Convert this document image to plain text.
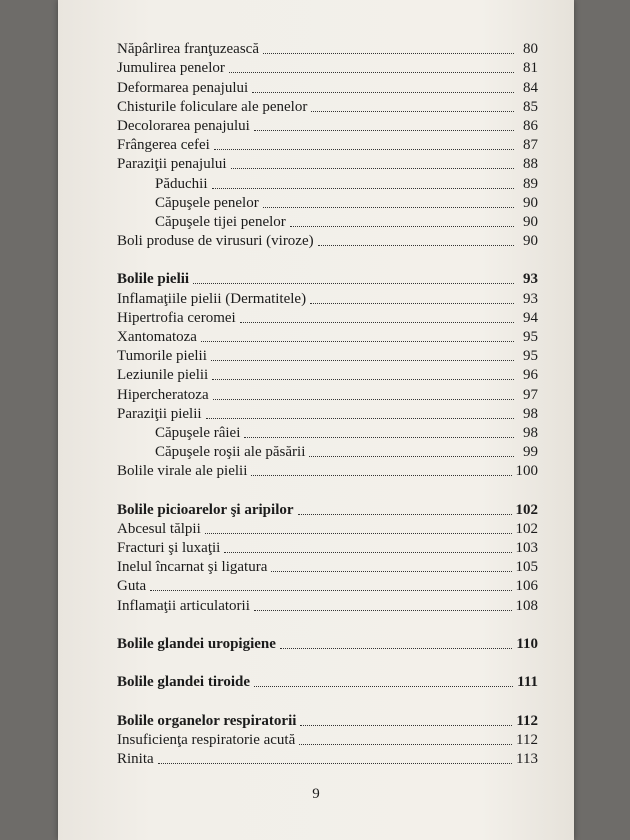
Năpârlirea franţuzească	80
Jumulirea penelor	81
Deformarea penajului	84
Chisturile foliculare ale penelor	85
Decolorarea penajului	86
Frângerea cefei	87
Paraziţii penajului	88
Păduchii	89
Căpuşele penelor	90
Căpuşele tijei penelor	90
Boli produse de virusuri (viroze)	90
Bolile pielii	93
Inflamaţiile pielii (Dermatitele)	93
Hipertrofia ceromei	94
Xantomatoza	95
Tumorile pielii	95
Leziunile pielii	96
Hipercheratoza	97
Paraziţii pielii	98
Căpuşele râiei	98
Căpuşele roşii ale păsării	99
Bolile virale ale pielii	100
Bolile picioarelor şi aripilor	102
Abcesul tălpii	102
Fracturi şi luxaţii	103
Inelul încarnat şi ligatura	105
Guta	106
Inflamaţii articulatorii	108
Bolile glandei uropigiene	110
Bolile glandei tiroide	111
Bolile organelor respiratorii	112
Insuficienţa respiratorie acută	112
Rinita	113
9
